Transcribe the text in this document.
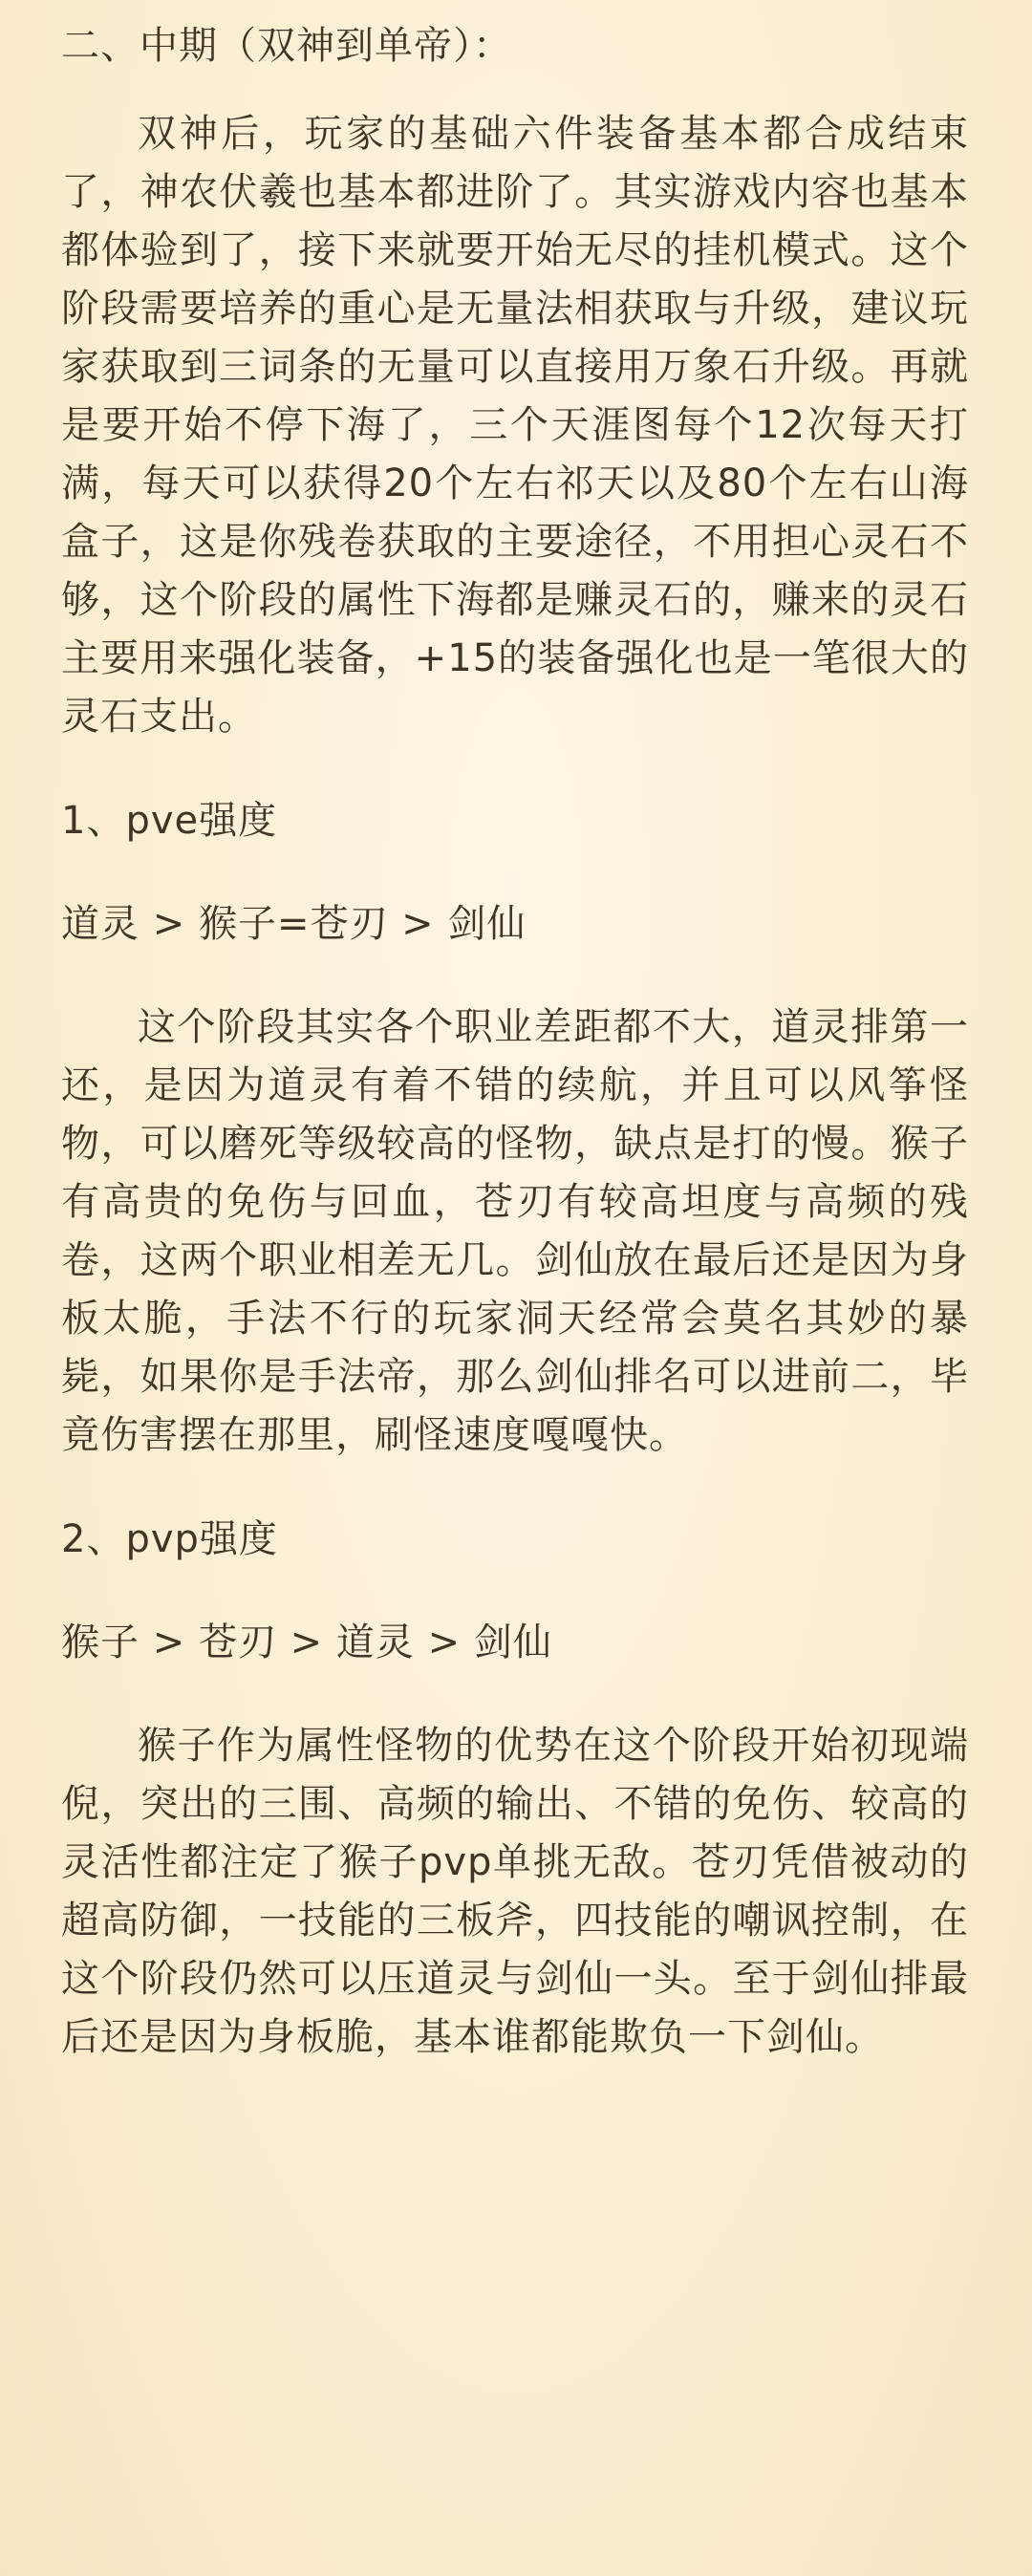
二、中期（双神到单帝）：

双神后，玩家的基础六件装备基本都合成结束了，神农伏羲也基本都进阶了。其实游戏内容也基本都体验到了，接下来就要开始无尽的挂机模式。这个阶段需要培养的重心是无量法相获取与升级，建议玩家获取到三词条的无量可以直接用万象石升级。再就是要开始不停下海了，三个天涯图每个12次每天打满，每天可以获得20个左右祁天以及80个左右山海盒子，这是你残卷获取的主要途径，不用担心灵石不够，这个阶段的属性下海都是赚灵石的，赚来的灵石主要用来强化装备，+15的装备强化也是一笔很大的灵石支出。

1、pve强度

道灵 > 猴子=苍刃 > 剑仙

这个阶段其实各个职业差距都不大，道灵排第一还，是因为道灵有着不错的续航，并且可以风筝怪物，可以磨死等级较高的怪物，缺点是打的慢。猴子有高贵的免伤与回血，苍刃有较高坦度与高频的残卷，这两个职业相差无几。剑仙放在最后还是因为身板太脆，手法不行的玩家洞天经常会莫名其妙的暴毙，如果你是手法帝，那么剑仙排名可以进前二，毕竟伤害摆在那里，刷怪速度嘎嘎快。

2、pvp强度

猴子 > 苍刃 > 道灵 > 剑仙

猴子作为属性怪物的优势在这个阶段开始初现端倪，突出的三围、高频的输出、不错的免伤、较高的灵活性都注定了猴子pvp单挑无敌。苍刃凭借被动的超高防御，一技能的三板斧，四技能的嘲讽控制，在这个阶段仍然可以压道灵与剑仙一头。至于剑仙排最后还是因为身板脆，基本谁都能欺负一下剑仙。
